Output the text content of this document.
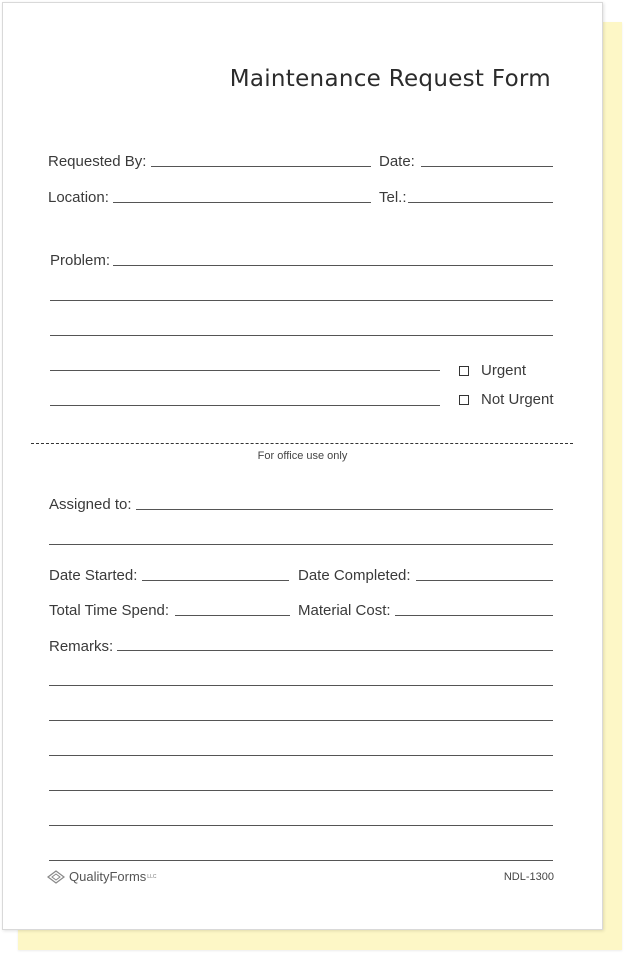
Maintenance Request Form
Requested By:	Date:
Location:	Tel.:
Problem:
Urgent
Not Urgent
For office use only
Assigned to:
Date Started:	Date Completed:
Total Time Spend:	Material Cost:
Remarks:
QualityForms LLC	NDL-1300
